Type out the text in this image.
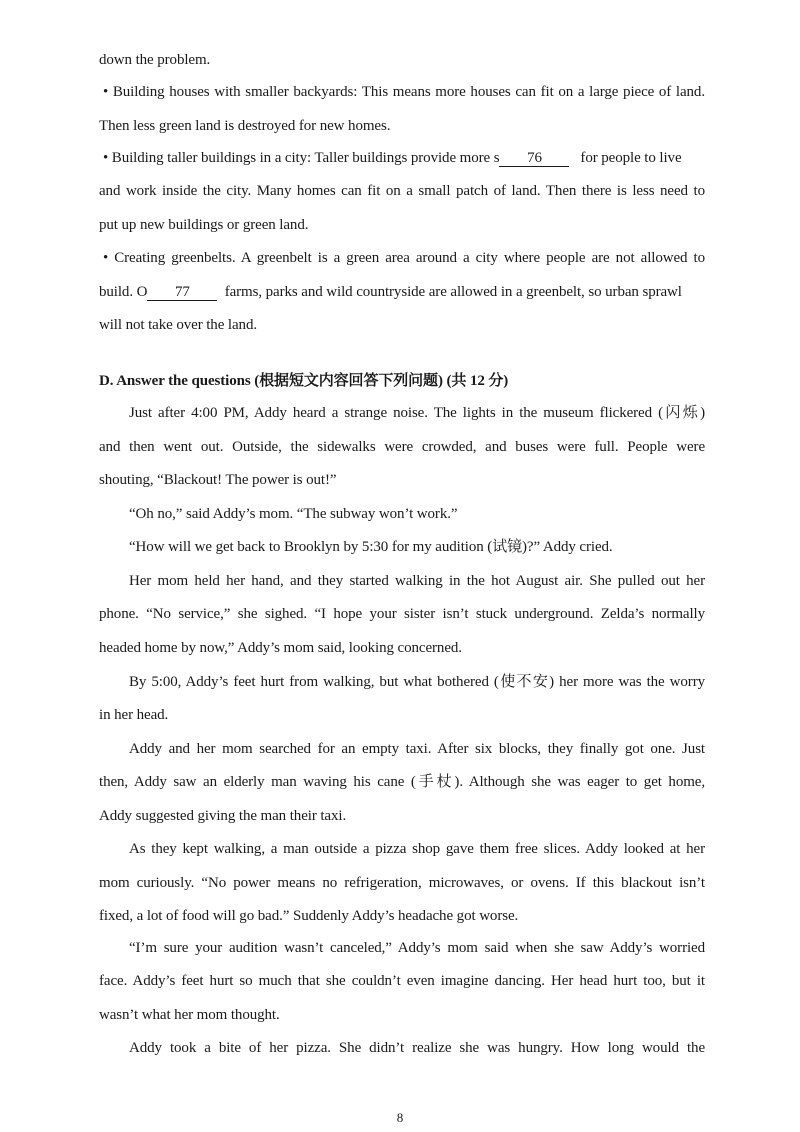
down the problem.
• Building houses with smaller backyards: This means more houses can fit on a large piece of land.
Then less green land is destroyed for new homes.
• Building taller buildings in a city: Taller buildings provide more s 76	for people to live
and work inside the city. Many homes can fit on a small patch of land. Then there is less need to
put up new buildings or green land.
• Creating greenbelts. A greenbelt is a green area around a city where people are not allowed to
build. O 77 farms, parks and wild countryside are allowed in a greenbelt, so urban sprawl
will not take over the land.
D. Answer the questions (根据短文内容回答下列问题) (共 12 分)
Just after 4:00 PM, Addy heard a strange noise. The lights in the museum flickered (闪烁)
and then went out. Outside, the sidewalks were crowded, and buses were full. People were
shouting, “Blackout! The power is out!”
“Oh no,” said Addy’s mom. “The subway won’t work.”
“How will we get back to Brooklyn by 5:30 for my audition (试镜)?” Addy cried.
Her mom held her hand, and they started walking in the hot August air. She pulled out her
phone. “No service,” she sighed. “I hope your sister isn’t stuck underground. Zelda’s normally
headed home by now,” Addy’s mom said, looking concerned.
By 5:00, Addy’s feet hurt from walking, but what bothered (使不安) her more was the worry
in her head.
Addy and her mom searched for an empty taxi. After six blocks, they finally got one. Just
then, Addy saw an elderly man waving his cane (手杖). Although she was eager to get home,
Addy suggested giving the man their taxi.
As they kept walking, a man outside a pizza shop gave them free slices. Addy looked at her
mom curiously. “No power means no refrigeration, microwaves, or ovens. If this blackout isn’t
fixed, a lot of food will go bad.” Suddenly Addy’s headache got worse.
“I’m sure your audition wasn’t canceled,” Addy’s mom said when she saw Addy’s worried
face. Addy’s feet hurt so much that she couldn’t even imagine dancing. Her head hurt too, but it
wasn’t what her mom thought.
Addy took a bite of her pizza. She didn’t realize she was hungry. How long would the
8
